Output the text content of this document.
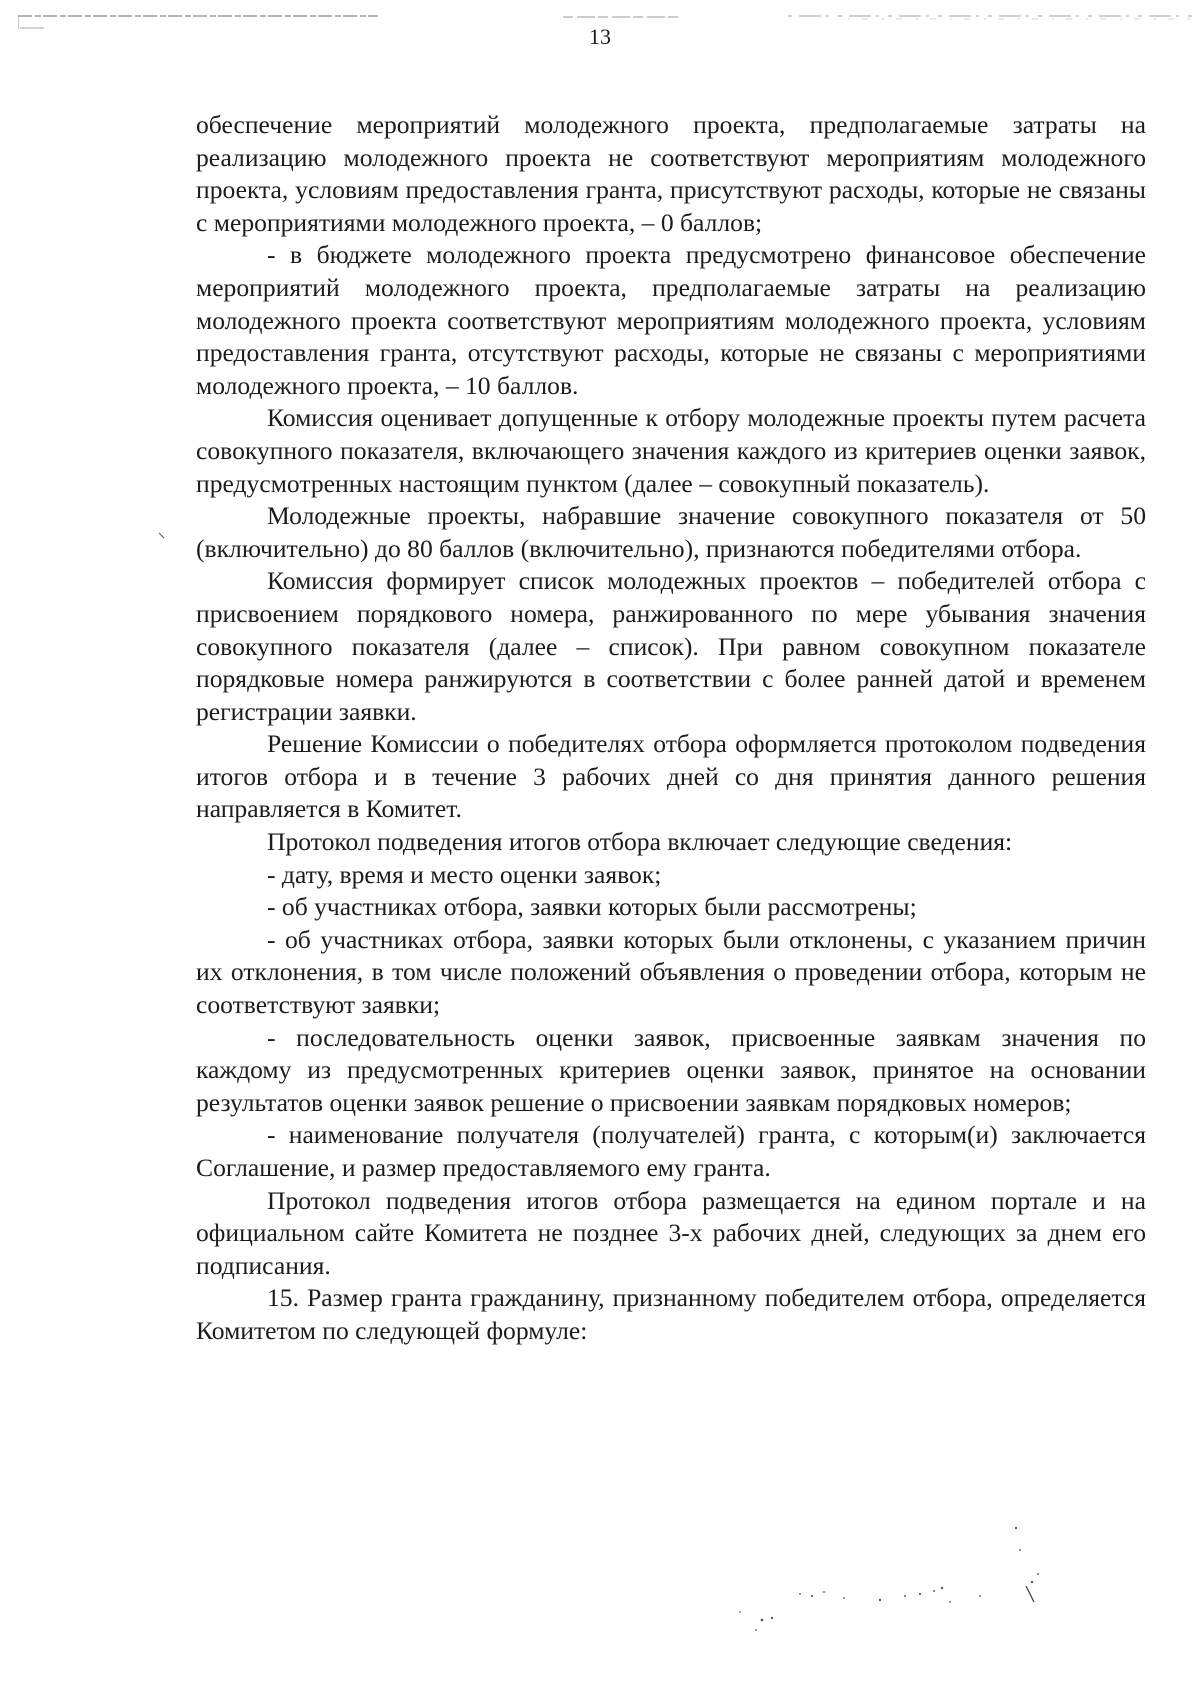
13

обеспечение мероприятий молодежного проекта, предполагаемые затраты на реализацию молодежного проекта не соответствуют мероприятиям молодежного проекта, условиям предоставления гранта, присутствуют расходы, которые не связаны с мероприятиями молодежного проекта, – 0 баллов;

- в бюджете молодежного проекта предусмотрено финансовое обеспечение мероприятий молодежного проекта, предполагаемые затраты на реализацию молодежного проекта соответствуют мероприятиям молодежного проекта, условиям предоставления гранта, отсутствуют расходы, которые не связаны с мероприятиями молодежного проекта, – 10 баллов.

Комиссия оценивает допущенные к отбору молодежные проекты путем расчета совокупного показателя, включающего значения каждого из критериев оценки заявок, предусмотренных настоящим пунктом (далее – совокупный показатель).

Молодежные проекты, набравшие значение совокупного показателя от 50 (включительно) до 80 баллов (включительно), признаются победителями отбора.

Комиссия формирует список молодежных проектов – победителей отбора с присвоением порядкового номера, ранжированного по мере убывания значения совокупного показателя (далее – список). При равном совокупном показателе порядковые номера ранжируются в соответствии с более ранней датой и временем регистрации заявки.

Решение Комиссии о победителях отбора оформляется протоколом подведения итогов отбора и в течение 3 рабочих дней со дня принятия данного решения направляется в Комитет.

Протокол подведения итогов отбора включает следующие сведения:

- дату, время и место оценки заявок;

- об участниках отбора, заявки которых были рассмотрены;

- об участниках отбора, заявки которых были отклонены, с указанием причин их отклонения, в том числе положений объявления о проведении отбора, которым не соответствуют заявки;

- последовательность оценки заявок, присвоенные заявкам значения по каждому из предусмотренных критериев оценки заявок, принятое на основании результатов оценки заявок решение о присвоении заявкам порядковых номеров;

- наименование получателя (получателей) гранта, с которым(и) заключается Соглашение, и размер предоставляемого ему гранта.

Протокол подведения итогов отбора размещается на едином портале и на официальном сайте Комитета не позднее 3-х рабочих дней, следующих за днем его подписания.

15. Размер гранта гражданину, признанному победителем отбора, определяется Комитетом по следующей формуле:
